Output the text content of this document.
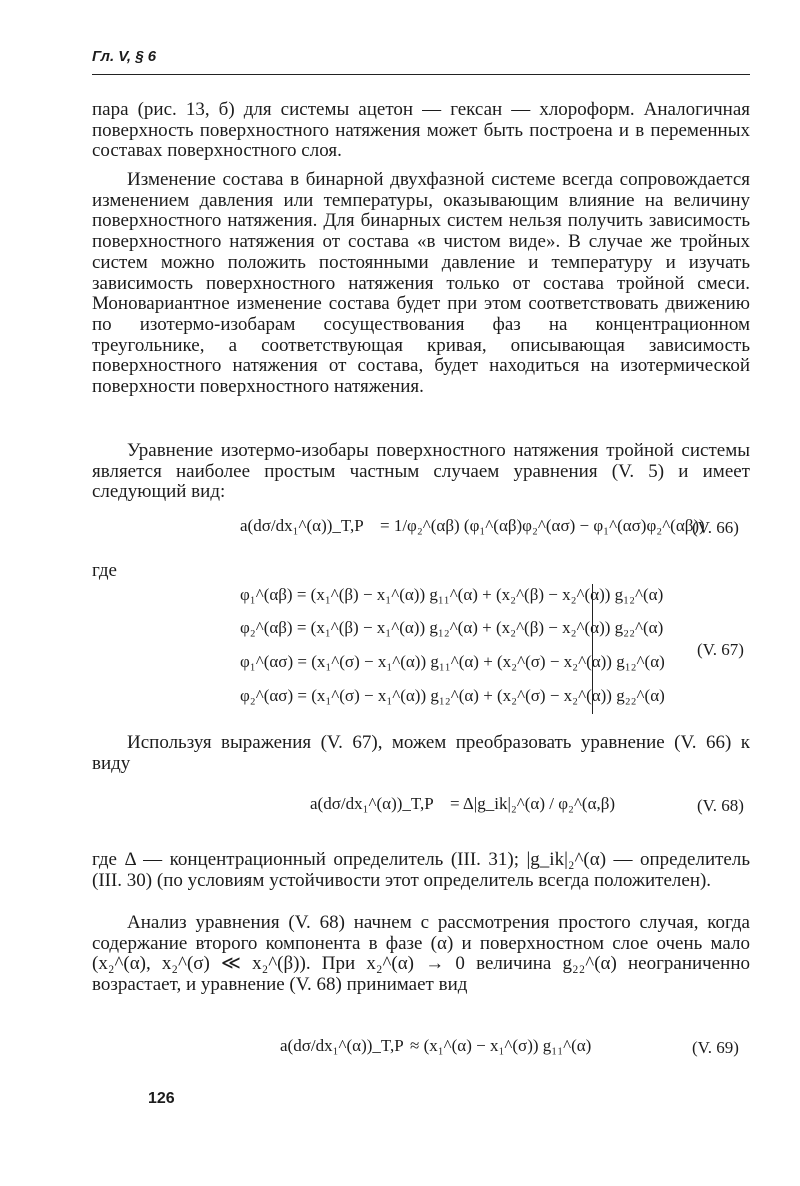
Гл. V, § 6

пара (рис. 13, б) для системы ацетон — гексан — хлороформ. Аналогичная поверхность поверхностного натяжения может быть построена и в переменных составах поверхностного слоя.

Изменение состава в бинарной двухфазной системе всегда сопровождается изменением давления или температуры, оказывающим влияние на величину поверхностного натяжения. Для бинарных систем нельзя получить зависимость поверхностного натяжения от состава «в чистом виде». В случае же тройных систем можно положить постоянными давление и температуру и изучать зависимость поверхностного натяжения только от состава тройной смеси. Моновариантное изменение состава будет при этом соответствовать движению по изотермо-изобарам сосуществования фаз на концентрационном треугольнике, а соответствующая кривая, описывающая зависимость поверхностного натяжения от состава, будет находиться на изотермической поверхности поверхностного натяжения.

Уравнение изотермо-изобары поверхностного натяжения тройной системы является наиболее простым частным случаем уравнения (V. 5) и имеет следующий вид:

a(dσ/dx₁^(α))_T,P = 1/φ₂^(αβ) (φ₁^(αβ)φ₂^(ασ) − φ₁^(ασ)φ₂^(αβ))
(V. 66)
где
φ₁^(αβ) = (x₁^(β) − x₁^(α)) g₁₁^(α) + (x₂^(β) − x₂^(α)) g₁₂^(α)
φ₂^(αβ) = (x₁^(β) − x₁^(α)) g₁₂^(α) + (x₂^(β) − x₂^(α)) g₂₂^(α)
φ₁^(ασ) = (x₁^(σ) − x₁^(α)) g₁₁^(α) + (x₂^(σ) − x₂^(α)) g₁₂^(α)
φ₂^(ασ) = (x₁^(σ) − x₁^(α)) g₁₂^(α) + (x₂^(σ) − x₂^(α)) g₂₂^(α)
(V. 67)

Используя выражения (V. 67), можем преобразовать уравнение (V. 66) к виду

a(dσ/dx₁^(α))_T,P = Δ|g_ik|₂^(α) / φ₂^(α,β)	(V. 68)

где Δ — концентрационный определитель (III. 31); |g_ik|₂^(α) — определитель (III. 30) (по условиям устойчивости этот определитель всегда положителен).

Анализ уравнения (V. 68) начнем с рассмотрения простого случая, когда содержание второго компонента в фазе (α) и поверхностном слое очень мало (x₂^(α), x₂^(σ) ≪ x₂^(β)). При x₂^(α) → 0 величина g₂₂^(α) неограниченно возрастает, и уравнение (V. 68) принимает вид

a(dσ/dx₁^(α))_T,P ≈ (x₁^(α) − x₁^(σ)) g₁₁^(α)	(V. 69)
126
